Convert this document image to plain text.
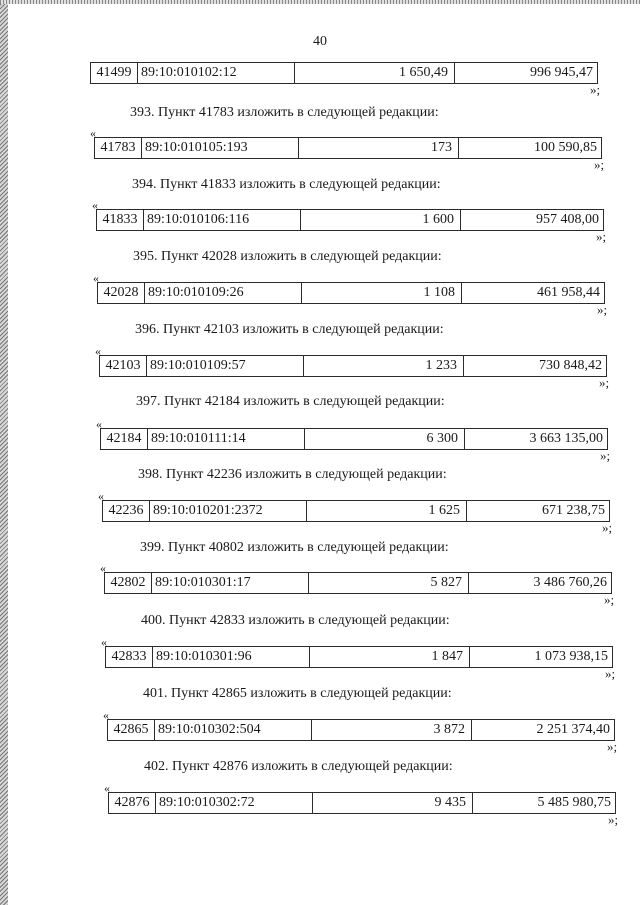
40
41499 89:10:010102:12	1 650,49	996 945,47
»;
393. Пункт 41783 изложить в следующей редакции:
«
41783 89:10:010105:193	173	100 590,85
»;
394. Пункт 41833 изложить в следующей редакции:
«
41833 89:10:010106:116	1 600	957 408,00
»;
395. Пункт 42028 изложить в следующей редакции:
«
42028 89:10:010109:26	1 108	461 958,44
»;
396. Пункт 42103 изложить в следующей редакции:
«
42103 89:10:010109:57	1 233	730 848,42
»;
397. Пункт 42184 изложить в следующей редакции:
«
42184 89:10:010111:14	6 300	3 663 135,00
»;
398. Пункт 42236 изложить в следующей редакции:
«
42236 89:10:010201:2372	1 625	671 238,75
»;
399. Пункт 40802 изложить в следующей редакции:
«
42802 89:10:010301:17	5 827	3 486 760,26
»;
400. Пункт 42833 изложить в следующей редакции:
«
42833 89:10:010301:96	1 847	1 073 938,15
»;
401. Пункт 42865 изложить в следующей редакции:
«
42865 89:10:010302:504	3 872	2 251 374,40
»;
402. Пункт 42876 изложить в следующей редакции:
«
42876 89:10:010302:72	9 435	5 485 980,75
»;
